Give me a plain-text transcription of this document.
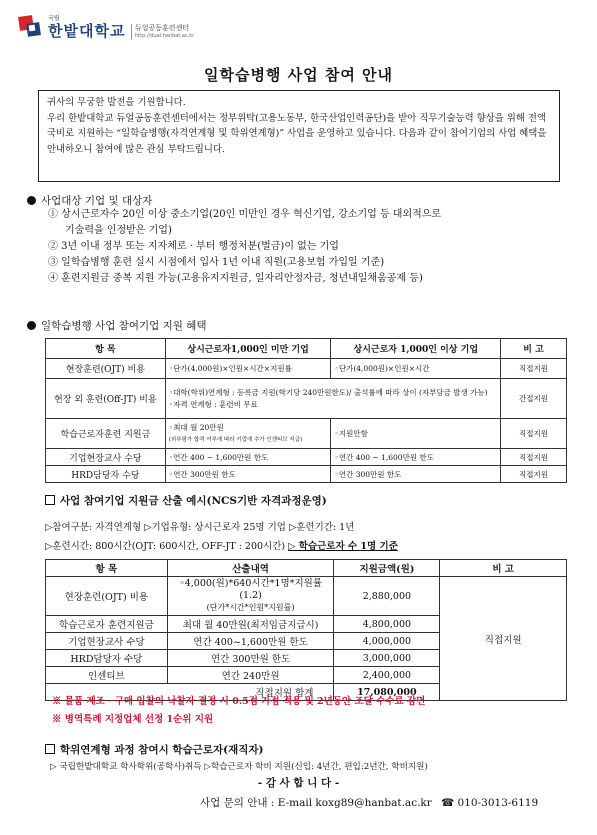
국립
한밭대학교 듀얼공동훈련센터
http://dual.hanbat.ac.kr
일학습병행 사업 참여 안내

귀사의 무궁한 발전을 기원합니다.

우리 한밭대학교 듀얼공동훈련센터에서는 정부위탁(고용노동부, 한국산업인력공단)을 받아 직무기술능력 향상을 위해 전액 국비로 지원하는 “일학습병행(자격연계형 및 학위연계형)” 사업을 운영하고 있습니다. 다음과 같이 참여기업의 사업 혜택을 안내하오니 참여에 많은 관심 부탁드립니다.

사업대상 기업 및 대상자
① 상시근로자수 20인 이상 중소기업(20인 미만인 경우 혁신기업, 강소기업 등 대외적으로
기술력을 인정받은 기업)
② 3년 이내 정부 또는 지자체로 · 부터 행정처분(벌금)이 없는 기업
③ 일학습병행 훈련 실시 시점에서 입사 1년 이내 직원(고용보험 가입일 기준)
④ 훈련지원금 중복 지원 가능(고용유지지원금, 일자리안정자금, 청년내일채움공제 등)
일학습병행 사업 참여기업 지원 혜택
항 목	상시근로자1,000인 미만 기업	상시근로자 1,000인 이상 기업	비 고
현장훈련(OJT) 비용	◦단가(4,000원)×인원×시간×지원률	◦단가(4,000원)×인원×시간	직접지원
현장 외 훈련(Off-JT) 비용	◦대학(학위)연계형 : 등록금 지원(학기당 240만원한도)/ 출석률에 따라 상이 (자부담금 발생 가능)
◦자격 연계형 : 훈련비 무료		간접지원
학습근로자훈련 지원금	◦최대 월 20만원
(외부평가 합격 여부에 따라 기업에 추가 인센티브 지급)	◦지원안함	직접지원
기업현장교사 수당	◦연간 400 ~ 1,600만원 한도	◦연간 400 ~ 1,600만원 한도	직접지원
HRD담당자 수당	◦연간 300만원 한도	◦연간 300만원 한도	직접지원
사업 참여기업 지원금 산출 예시(NCS기반 자격과정운영)
▷참여구분: 자격연계형 ▷기업유형: 상시근로자 25명 기업 ▷훈련기간: 1년
▷훈련시간: 800시간(OJT: 600시간, OFF-JT : 200시간) ▷ 학습근로자 수 1명 기준
항 목	산출내역	지원금액(원)	비 고
현장훈련(OJT) 비용	◦4,000(원)*640시간*1명*지원률(1.2)
(단가*시간*인원*지원률)	2,880,000	직접지원
학습근로자 훈련지원금	최대 월 40만원(최저임금지급시)	4,800,000	
기업현장교사 수당	연간 400~1,600만원 한도	4,000,000	
HRD담당자 수당	연간 300만원 한도	3,000,000	
인센티브	연간 240만원	2,400,000	
직접지원 합계		17,080,000	
※ 물품 제조 · 구매 입찰의 낙찰자 결정 시 0.5점 가점 적용 및 2년동안 조달 수수료 감면
※ 병역특례 지정업체 선정 1순위 지원
학위연계형 과정 참여시 학습근로자(재직자)
▷ 국립한밭대학교 학사학위(공학사)취득 ▷학습근로자 학비 지원(신입: 4년간, 편입:2년간, 학비지원)
- 감 사 합 니 다 -
사업 문의 안내 : E-mail koxg89@hanbat.ac.kr ☎ 010-3013-6119
